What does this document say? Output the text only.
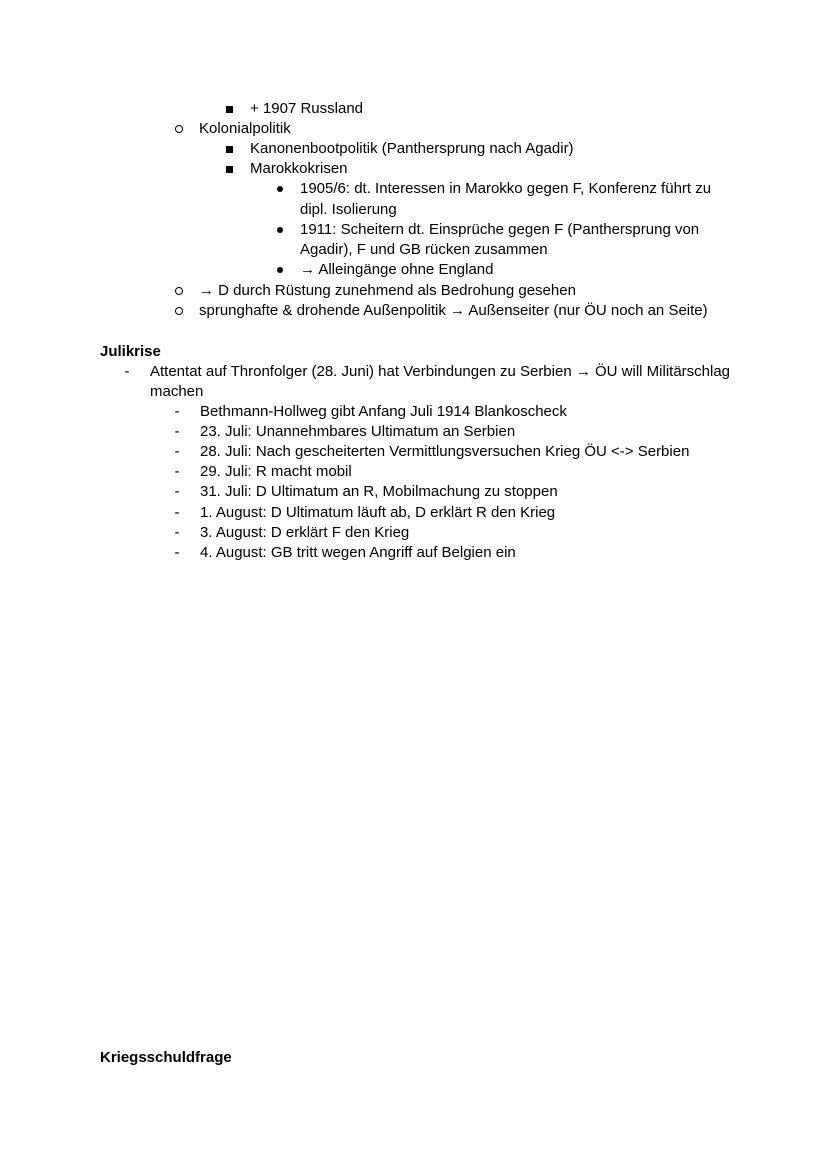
+ 1907 Russland
Kolonialpolitik
Kanonenbootpolitik (Panthersprung nach Agadir)
Marokkokrisen
1905/6: dt. Interessen in Marokko gegen F, Konferenz führt zu
dipl. Isolierung
1911: Scheitern dt. Einsprüche gegen F (Panthersprung von
Agadir), F und GB rücken zusammen
→ Alleingänge ohne England
→ D durch Rüstung zunehmend als Bedrohung gesehen
sprunghafte & drohende Außenpolitik → Außenseiter (nur ÖU noch an Seite)
Julikrise
-	Attentat auf Thronfolger (28. Juni) hat Verbindungen zu Serbien → ÖU will Militärschlag
machen
-	Bethmann-Hollweg gibt Anfang Juli 1914 Blankoscheck
-	23. Juli: Unannehmbares Ultimatum an Serbien
-	28. Juli: Nach gescheiterten Vermittlungsversuchen Krieg ÖU <-> Serbien
-	29. Juli: R macht mobil
-	31. Juli: D Ultimatum an R, Mobilmachung zu stoppen
-	1. August: D Ultimatum läuft ab, D erklärt R den Krieg
-	3. August: D erklärt F den Krieg
-	4. August: GB tritt wegen Angriff auf Belgien ein
Kriegsschuldfrage
